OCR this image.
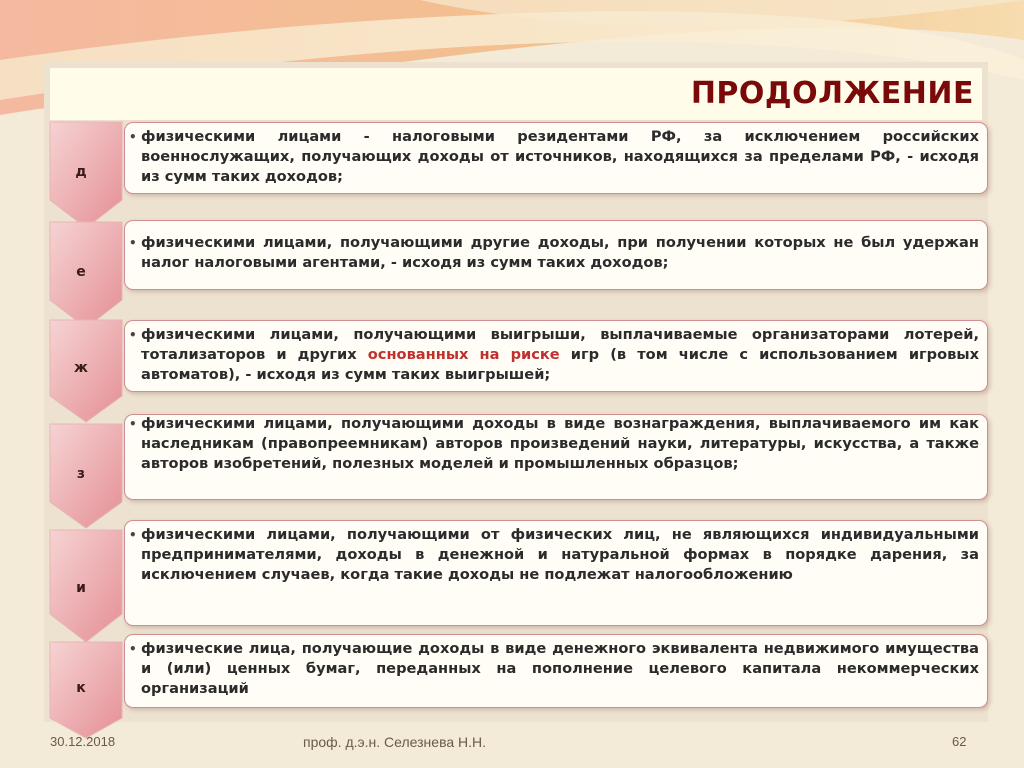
ПРОДОЛЖЕНИЕ
д
• физическими лицами - налоговыми резидентами РФ, за исключением российских военнослужащих, получающих доходы от источников, находящихся за пределами РФ, - исходя из сумм таких доходов;
е
• физическими лицами, получающими другие доходы, при получении которых не был удержан налог налоговыми агентами, - исходя из сумм таких доходов;
ж
• физическими лицами, получающими выигрыши, выплачиваемые организаторами лотерей, тотализаторов и других основанных на риске игр (в том числе с использованием игровых автоматов), - исходя из сумм таких выигрышей;
з
• физическими лицами, получающими доходы в виде вознаграждения, выплачиваемого им как наследникам (правопреемникам) авторов произведений науки, литературы, искусства, а также авторов изобретений, полезных моделей и промышленных образцов;
и
• физическими лицами, получающими от физических лиц, не являющихся индивидуальными предпринимателями, доходы в денежной и натуральной формах в порядке дарения, за исключением случаев, когда такие доходы не подлежат налогообложению
к
• физические лица, получающие доходы в виде денежного эквивалента недвижимого имущества и (или) ценных бумаг, переданных на пополнение целевого капитала некоммерческих организаций
30.12.2018	проф. д.э.н. Селезнева Н.Н.	62
